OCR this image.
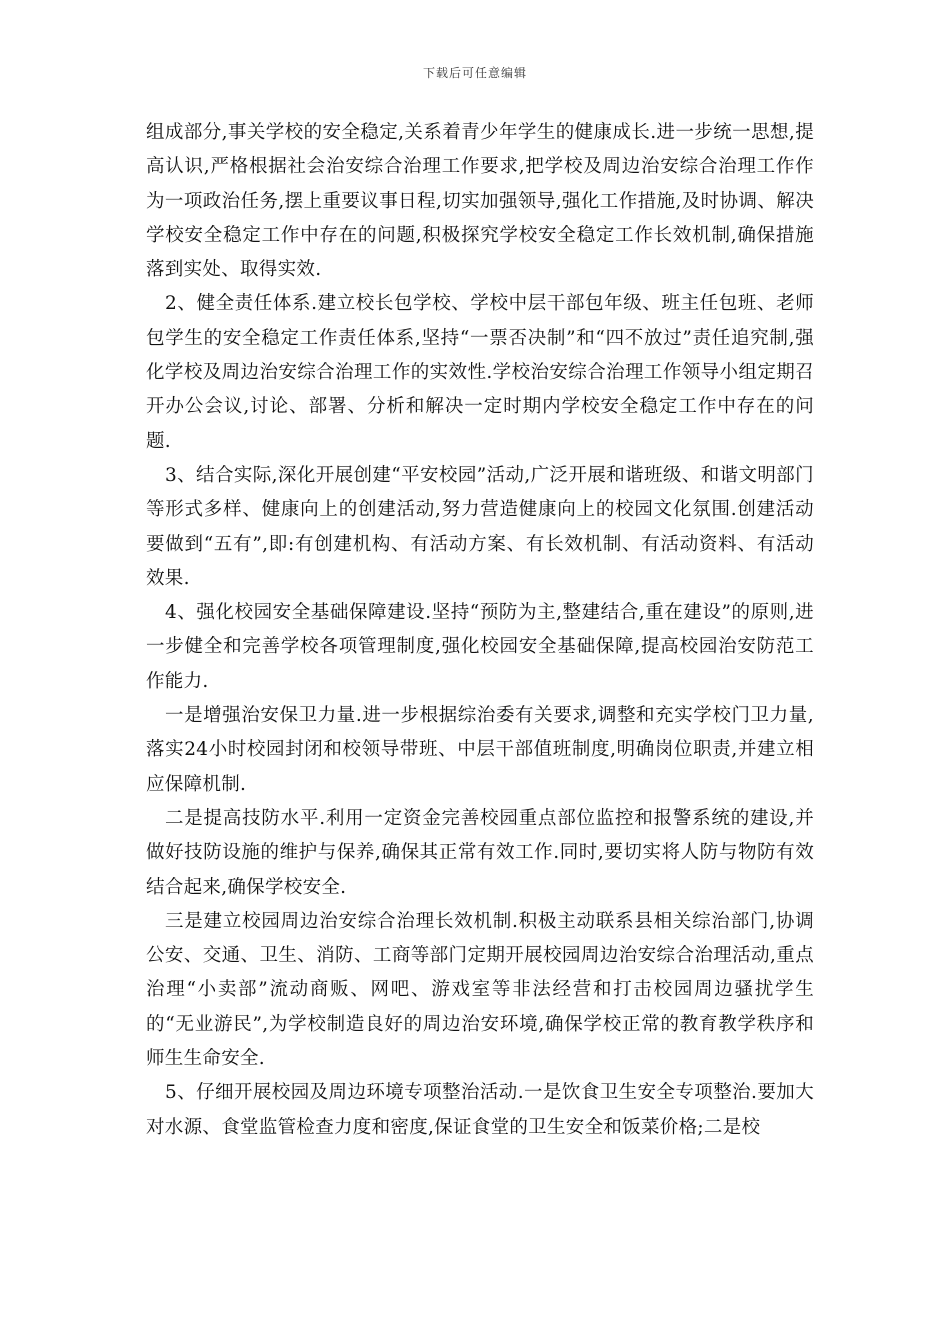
下载后可任意编辑

组成部分,事关学校的安全稳定,关系着青少年学生的健康成长.进一步统一思想,提高认识,严格根据社会治安综合治理工作要求,把学校及周边治安综合治理工作作为一项政治任务,摆上重要议事日程,切实加强领导,强化工作措施,及时协调、解决学校安全稳定工作中存在的问题,积极探究学校安全稳定工作长效机制,确保措施落到实处、取得实效.

2、健全责任体系.建立校长包学校、学校中层干部包年级、班主任包班、老师包学生的安全稳定工作责任体系,坚持“一票否决制”和“四不放过”责任追究制,强化学校及周边治安综合治理工作的实效性.学校治安综合治理工作领导小组定期召开办公会议,讨论、部署、分析和解决一定时期内学校安全稳定工作中存在的问题.

3、结合实际,深化开展创建“平安校园”活动,广泛开展和谐班级、和谐文明部门等形式多样、健康向上的创建活动,努力营造健康向上的校园文化氛围.创建活动要做到“五有”,即:有创建机构、有活动方案、有长效机制、有活动资料、有活动效果.

4、强化校园安全基础保障建设.坚持“预防为主,整建结合,重在建设”的原则,进一步健全和完善学校各项管理制度,强化校园安全基础保障,提高校园治安防范工作能力.

一是增强治安保卫力量.进一步根据综治委有关要求,调整和充实学校门卫力量,落实24小时校园封闭和校领导带班、中层干部值班制度,明确岗位职责,并建立相应保障机制.

二是提高技防水平.利用一定资金完善校园重点部位监控和报警系统的建设,并做好技防设施的维护与保养,确保其正常有效工作.同时,要切实将人防与物防有效结合起来,确保学校安全.

三是建立校园周边治安综合治理长效机制.积极主动联系县相关综治部门,协调公安、交通、卫生、消防、工商等部门定期开展校园周边治安综合治理活动,重点治理“小卖部”流动商贩、网吧、游戏室等非法经营和打击校园周边骚扰学生的“无业游民”,为学校制造良好的周边治安环境,确保学校正常的教育教学秩序和师生生命安全.

5、仔细开展校园及周边环境专项整治活动.一是饮食卫生安全专项整治.要加大对水源、食堂监管检查力度和密度,保证食堂的卫生安全和饭菜价格;二是校
